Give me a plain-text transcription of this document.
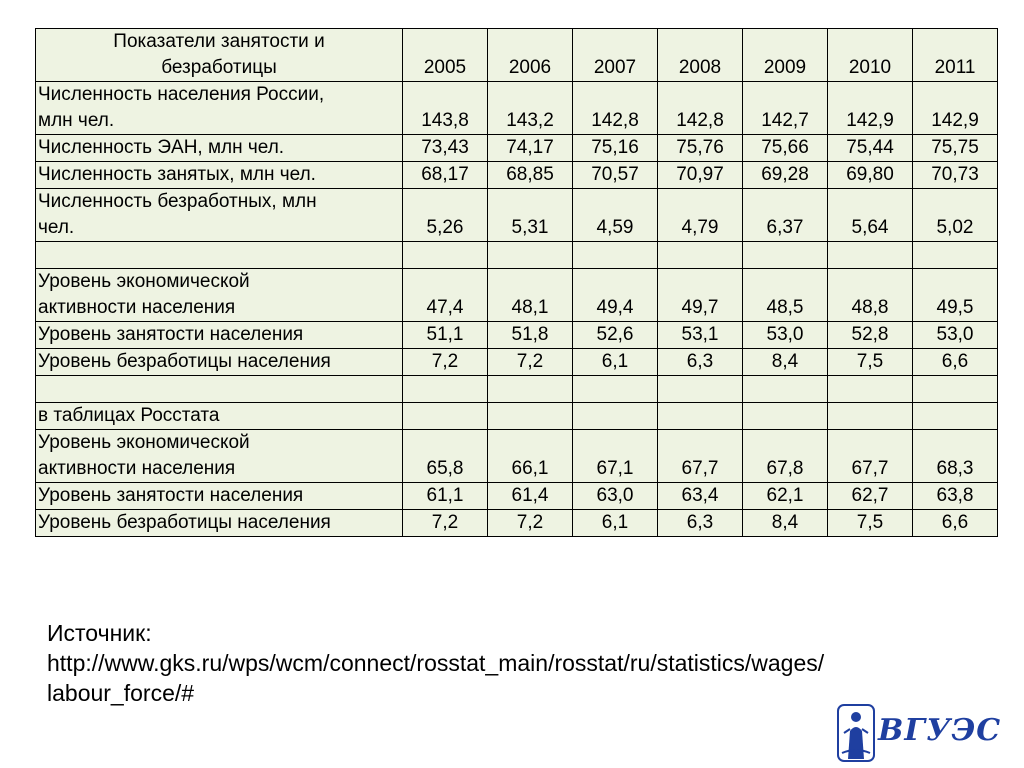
Показатели занятости и
безработицы	2005	2006	2007	2008	2009	2010	2011

Численность населения России,
млн чел.	143,8	143,2	142,8	142,8	142,7	142,9	142,9

Численность ЭАН, млн чел.	73,43	74,17	75,16	75,76	75,66	75,44	75,75

Численность занятых, млн чел.	68,17	68,85	70,57	70,97	69,28	69,80	70,73

Численность безработных, млн
чел.	5,26	5,31	4,59	4,79	6,37	5,64	5,02

Уровень экономической
активности населения	47,4	48,1	49,4	49,7	48,5	48,8	49,5

Уровень занятости населения	51,1	51,8	52,6	53,1	53,0	52,8	53,0

Уровень безработицы населения	7,2	7,2	6,1	6,3	8,4	7,5	6,6

в таблицах Росстата							

Уровень экономической
активности населения	65,8	66,1	67,1	67,7	67,8	67,7	68,3

Уровень занятости населения	61,1	61,4	63,0	63,4	62,1	62,7	63,8

Уровень безработицы населения	7,2	7,2	6,1	6,3	8,4	7,5	6,6
Источник:
http://www.gks.ru/wps/wcm/connect/rosstat_main/rosstat/ru/statistics/wages/
labour_force/#
ВГУЭС
